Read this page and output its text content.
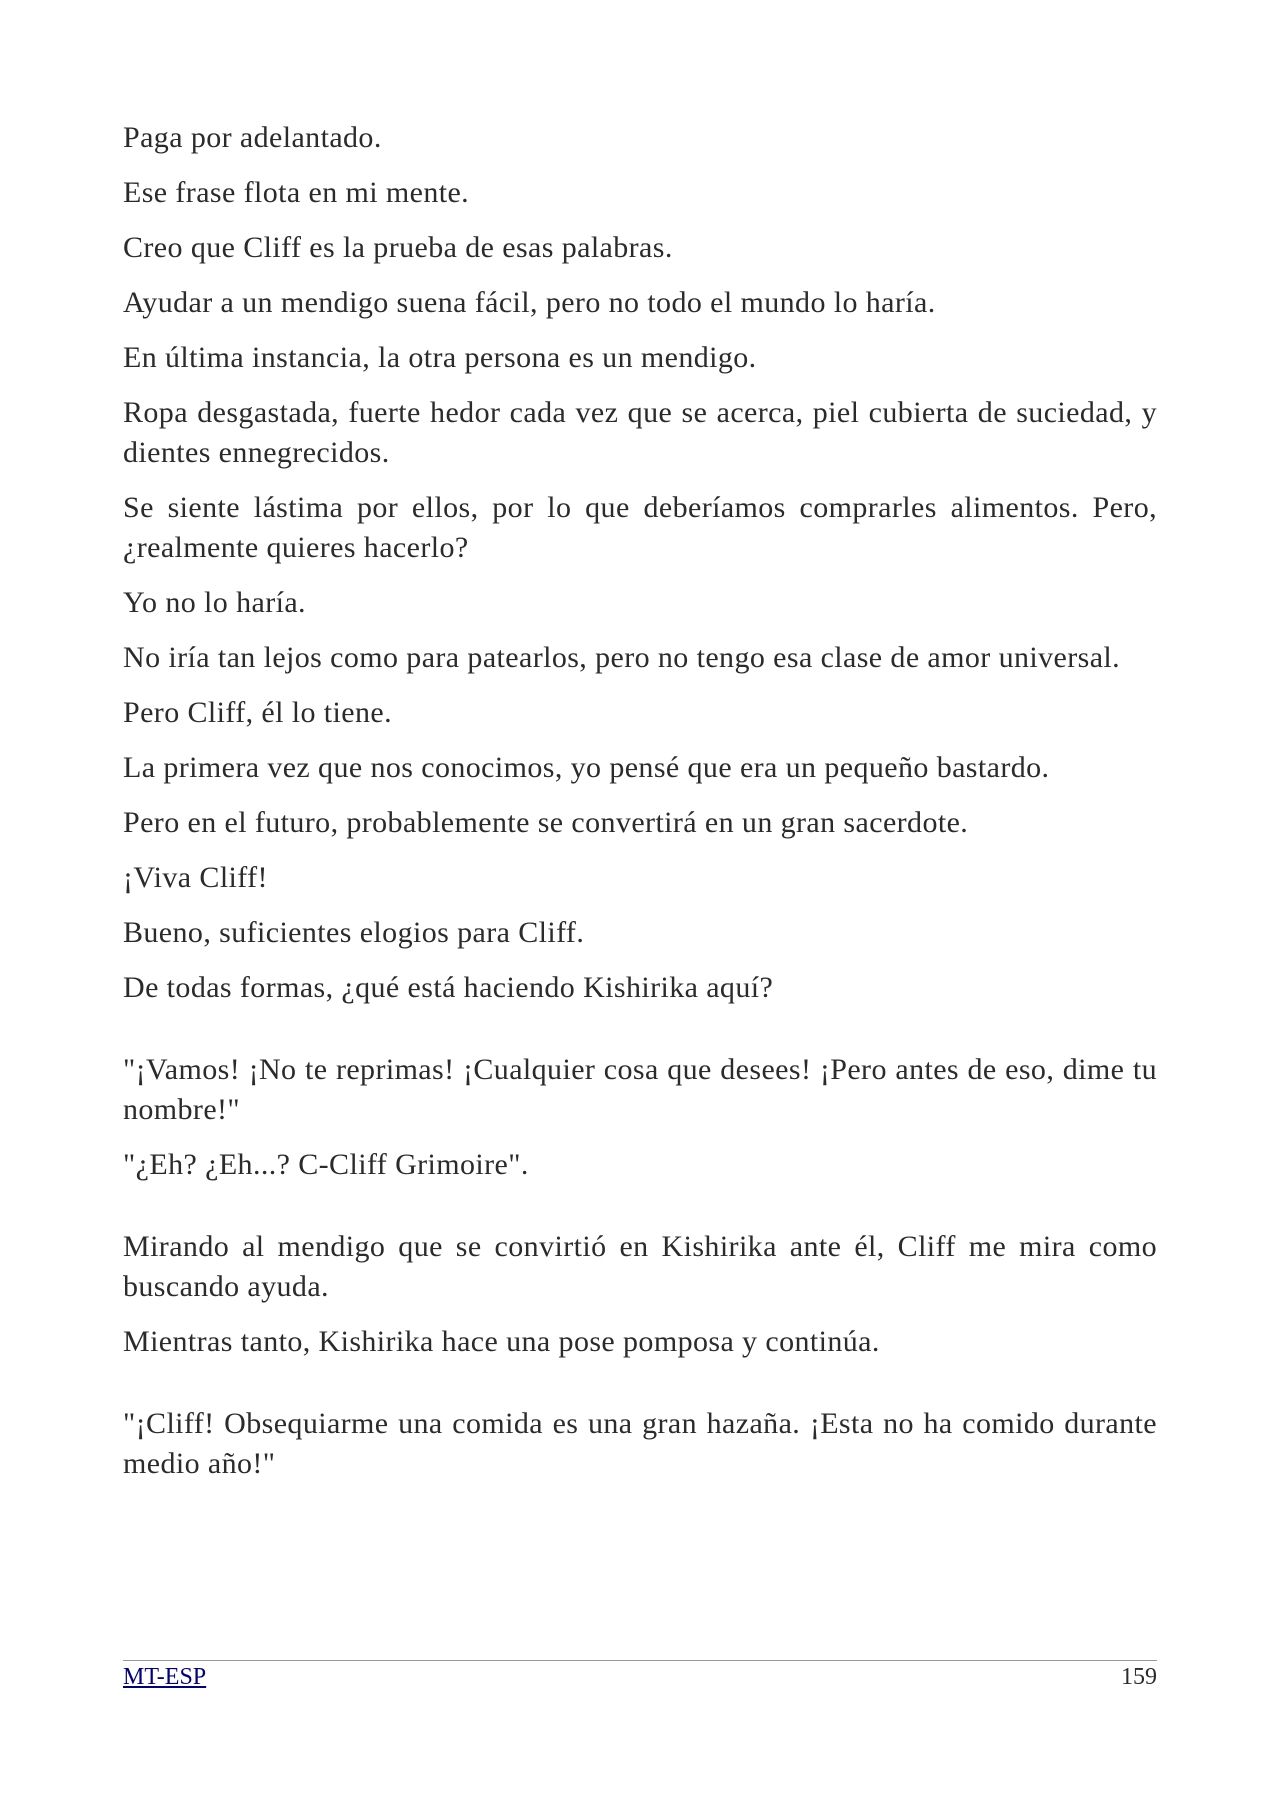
Paga por adelantado.

Ese frase flota en mi mente.

Creo que Cliff es la prueba de esas palabras.

Ayudar a un mendigo suena fácil, pero no todo el mundo lo haría.

En última instancia, la otra persona es un mendigo.

Ropa desgastada, fuerte hedor cada vez que se acerca, piel cubierta de suciedad, y dientes ennegrecidos.

Se siente lástima por ellos, por lo que deberíamos comprarles alimentos. Pero, ¿realmente quieres hacerlo?

Yo no lo haría.

No iría tan lejos como para patearlos, pero no tengo esa clase de amor universal.

Pero Cliff, él lo tiene.

La primera vez que nos conocimos, yo pensé que era un pequeño bastardo.

Pero en el futuro, probablemente se convertirá en un gran sacerdote.

¡Viva Cliff!

Bueno, suficientes elogios para Cliff.

De todas formas, ¿qué está haciendo Kishirika aquí?

"¡Vamos! ¡No te reprimas! ¡Cualquier cosa que desees! ¡Pero antes de eso, dime tu nombre!"

"¿Eh? ¿Eh...? C-Cliff Grimoire".

Mirando al mendigo que se convirtió en Kishirika ante él, Cliff me mira como buscando ayuda.

Mientras tanto, Kishirika hace una pose pomposa y continúa.

"¡Cliff! Obsequiarme una comida es una gran hazaña. ¡Esta no ha comido durante medio año!"

MT-ESP	159
